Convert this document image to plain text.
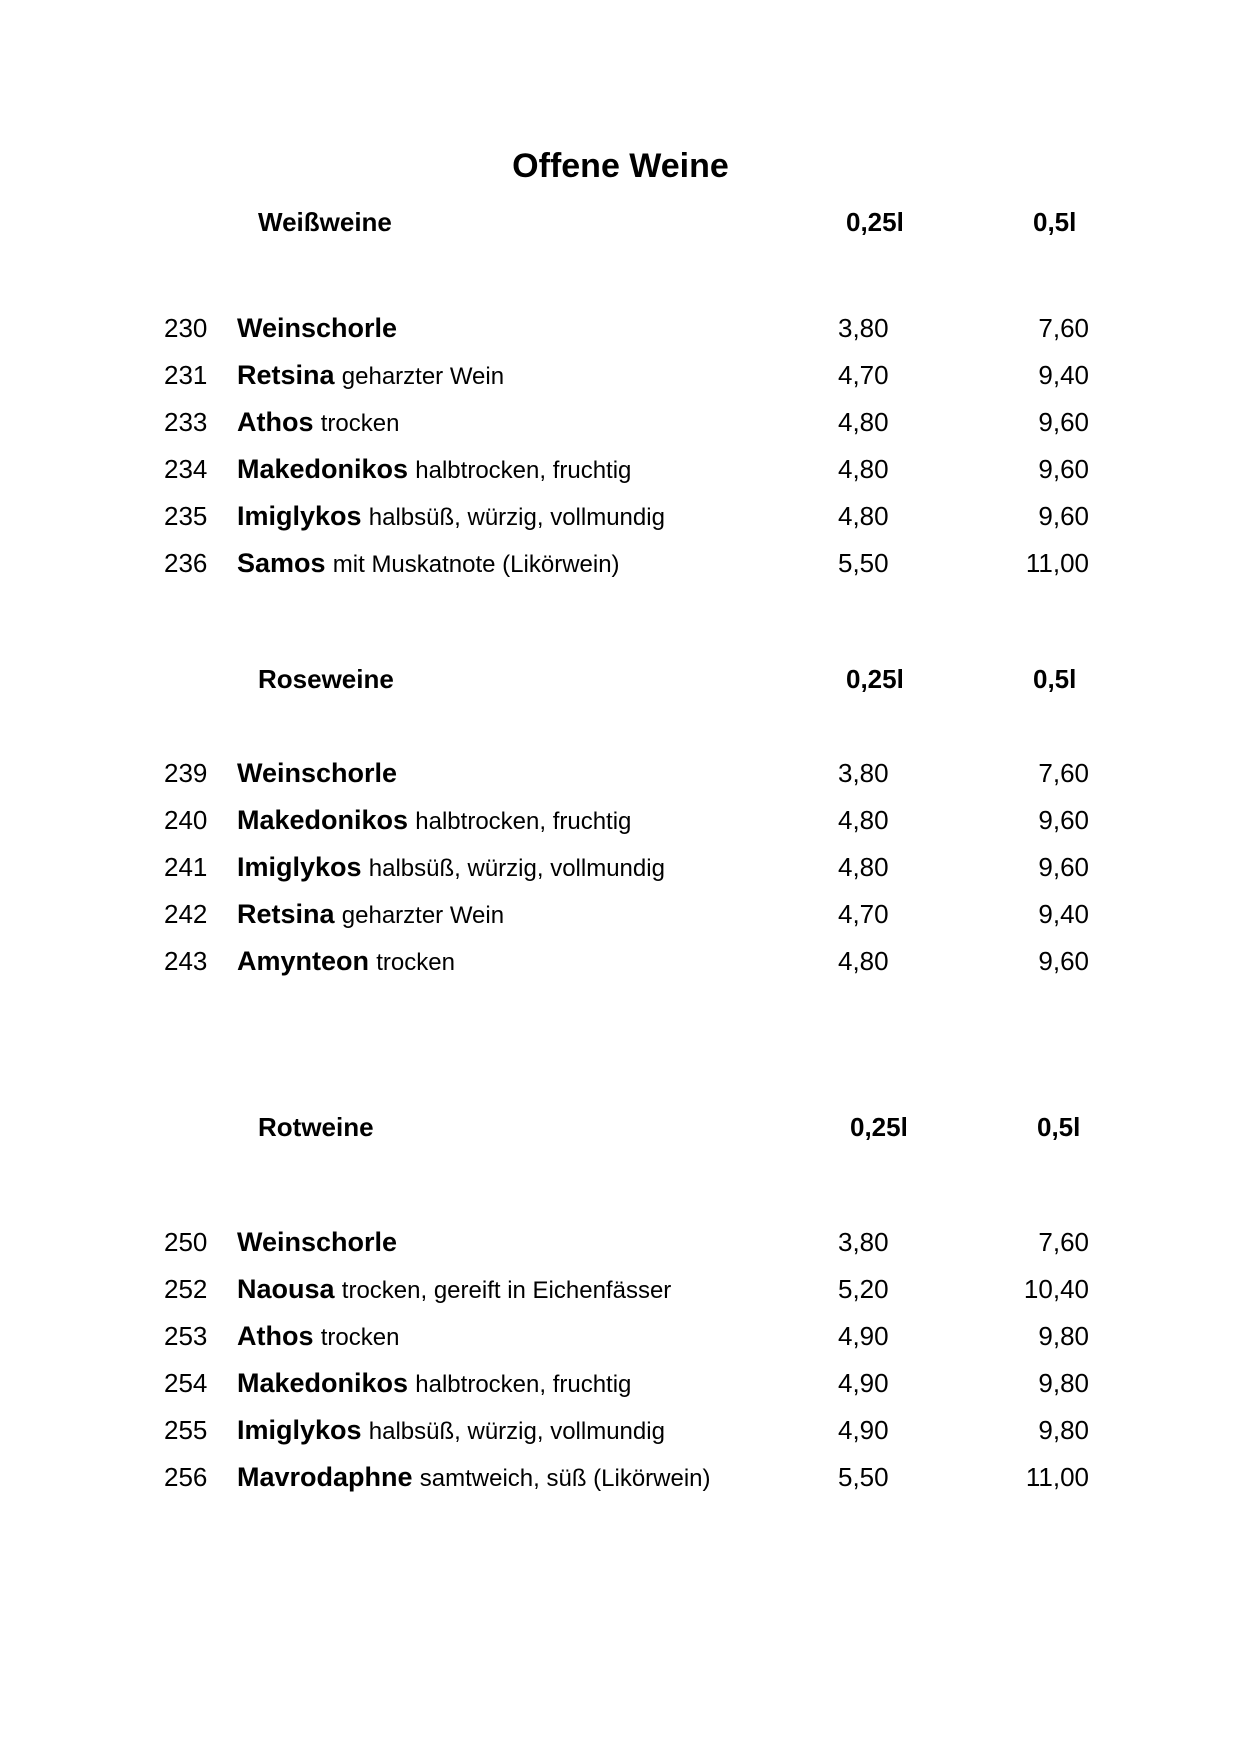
Offene Weine
Weißweine	0,25l	0,5l
230 Weinschorle	3,80	7,60
231 Retsina geharzter Wein	4,70	9,40
233 Athos trocken	4,80	9,60
234 Makedonikos halbtrocken, fruchtig	4,80	9,60
235 Imiglykos halbsüß, würzig, vollmundig	4,80	9,60
236 Samos mit Muskatnote (Likörwein)	5,50	11,00
Roseweine	0,25l	0,5l
239 Weinschorle	3,80	7,60
240 Makedonikos halbtrocken, fruchtig	4,80	9,60
241 Imiglykos halbsüß, würzig, vollmundig	4,80	9,60
242 Retsina geharzter Wein	4,70	9,40
243 Amynteon trocken	4,80	9,60
Rotweine	0,25l	0,5l
250 Weinschorle	3,80	7,60
252 Naousa trocken, gereift in Eichenfässer	5,20	10,40
253 Athos trocken	4,90	9,80
254 Makedonikos halbtrocken, fruchtig	4,90	9,80
255 Imiglykos halbsüß, würzig, vollmundig	4,90	9,80
256 Mavrodaphne samtweich, süß (Likörwein)	5,50	11,00
